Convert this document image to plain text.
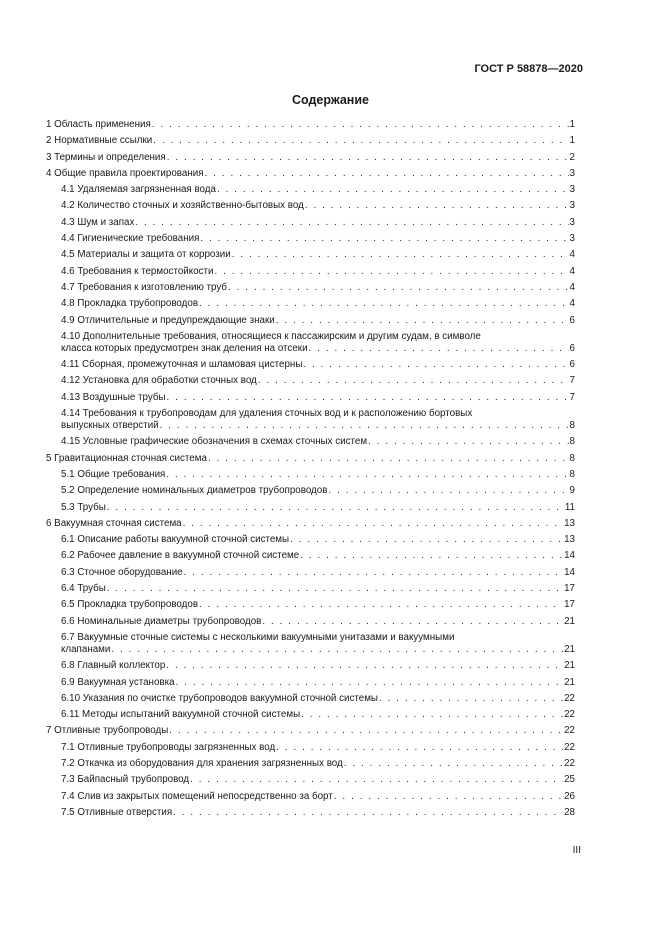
ГОСТ Р 58878—2020
Содержание
1 Область применения . . .	1
2 Нормативные ссылки . . .	1
3 Термины и определения . . .	2
4 Общие правила проектирования . . .	3
4.1 Удаляемая загрязненная вода . . .	3
4.2 Количество сточных и хозяйственно-бытовых вод . . .	3
4.3 Шум и запах . . .	3
4.4 Гигиенические требования . . .	3
4.5 Материалы и защита от коррозии . . .	4
4.6 Требования к термостойкости . . .	4
4.7 Требования к изготовлению труб . . .	4
4.8 Прокладка трубопроводов . . .	4
4.9 Отличительные и предупреждающие знаки . . .	6
4.10 Дополнительные требования, относящиеся к пассажирским и другим судам, в символе
класса которых предусмотрен знак деления на отсеки . . .	6
4.11 Сборная, промежуточная и шламовая цистерны . . .	6
4.12 Установка для обработки сточных вод . . .	7
4.13 Воздушные трубы . . .	7
4.14 Требования к трубопроводам для удаления сточных вод и к расположению бортовых
выпускных отверстий . . .	8
4.15 Условные графические обозначения в схемах сточных систем . . .	8
5 Гравитационная сточная система . . .	8
5.1 Общие требования . . .	8
5.2 Определение номинальных диаметров трубопроводов . . .	9
5.3 Трубы . . .	11
6 Вакуумная сточная система . . .	13
6.1 Описание работы вакуумной сточной системы . . .	13
6.2 Рабочее давление в вакуумной сточной системе . . .	14
6.3 Сточное оборудование . . .	14
6.4 Трубы . . .	17
6.5 Прокладка трубопроводов . . .	17
6.6 Номинальные диаметры трубопроводов . . .	21
6.7 Вакуумные сточные системы с несколькими вакуумными унитазами и вакуумными
клапанами . . .	21
6.8 Главный коллектор . . .	21
6.9 Вакуумная установка . . .	21
6.10 Указания по очистке трубопроводов вакуумной сточной системы . . .	22
6.11 Методы испытаний вакуумной сточной системы . . .	22
7 Отливные трубопроводы . . .	22
7.1 Отливные трубопроводы загрязненных вод . . .	22
7.2 Откачка из оборудования для хранения загрязненных вод . . .	22
7.3 Байпасный трубопровод . . .	25
7.4 Слив из закрытых помещений непосредственно за борт . . .	26
7.5 Отливные отверстия . . .	28
III
